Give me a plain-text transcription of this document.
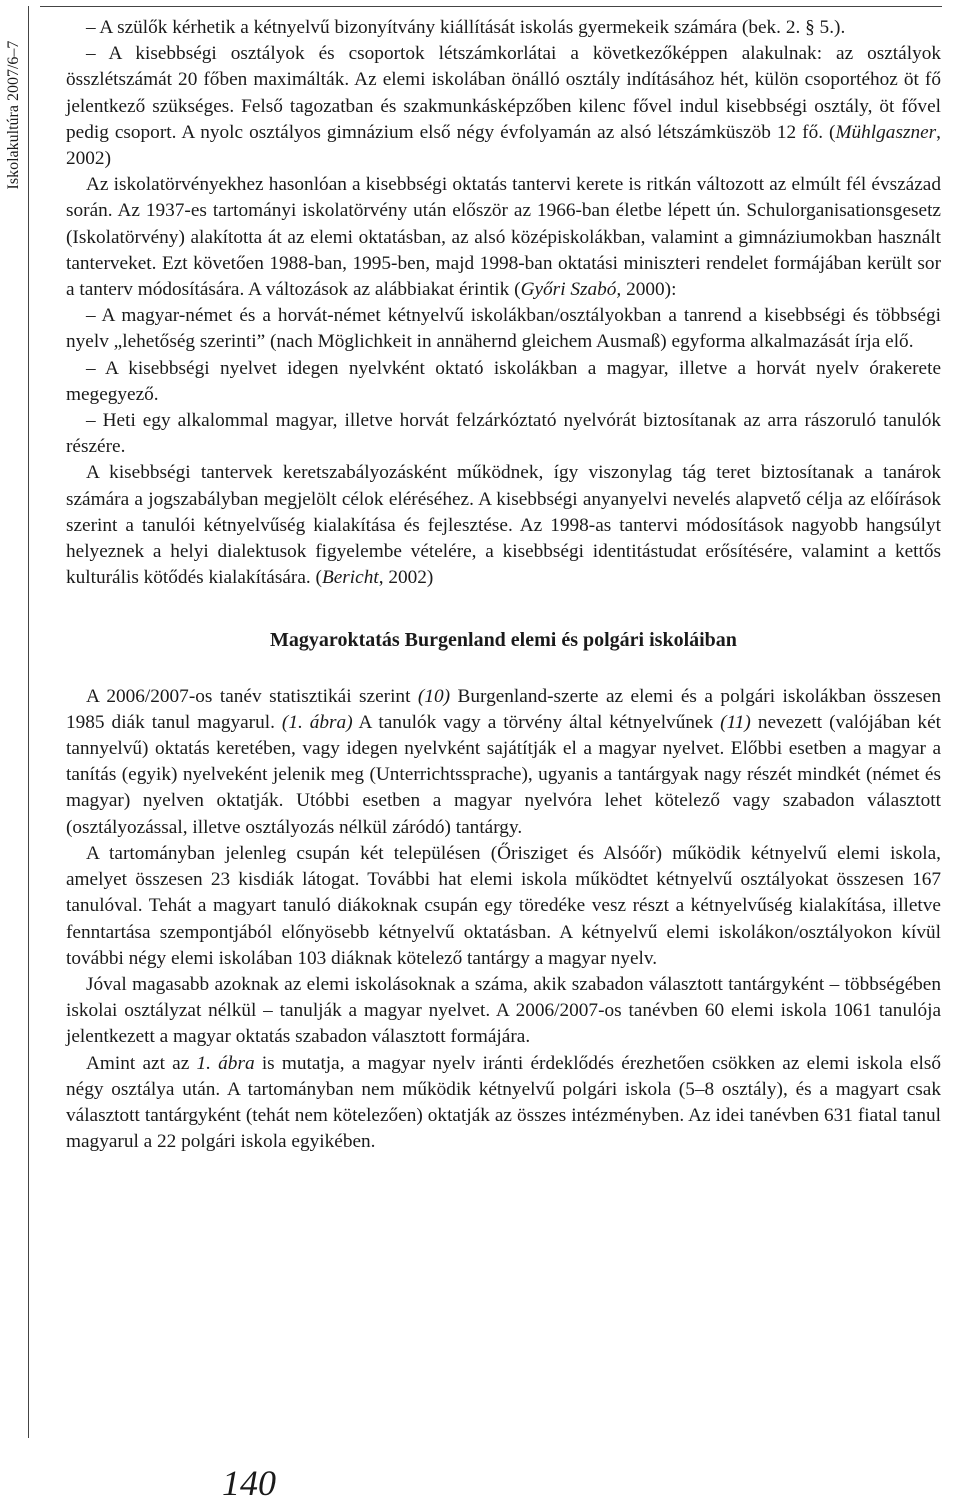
Iskolakultúra 2007/6–7

– A szülők kérhetik a kétnyelvű bizonyítvány kiállítását iskolás gyermekeik számára (bek. 2. § 5.).

– A kisebbségi osztályok és csoportok létszámkorlátai a következőképpen alakulnak: az osztályok összlétszámát 20 főben maximálták. Az elemi iskolában önálló osztály indításához hét, külön csoportéhoz öt fő jelentkező szükséges. Felső tagozatban és szakmunkásképzőben kilenc fővel indul kisebbségi osztály, öt fővel pedig csoport. A nyolc osztályos gimnázium első négy évfolyamán az alsó létszámküszöb 12 fő. (Mühlgaszner, 2002)

Az iskolatörvényekhez hasonlóan a kisebbségi oktatás tantervi kerete is ritkán változott az elmúlt fél évszázad során. Az 1937-es tartományi iskolatörvény után először az 1966-ban életbe lépett ún. Schulorganisationsgesetz (Iskolatörvény) alakította át az elemi oktatásban, az alsó középiskolákban, valamint a gimnáziumokban használt tanterveket. Ezt követően 1988-ban, 1995-ben, majd 1998-ban oktatási miniszteri rendelet formájában került sor a tanterv módosítására. A változások az alábbiakat érintik (Győri Szabó, 2000):

– A magyar-német és a horvát-német kétnyelvű iskolákban/osztályokban a tanrend a kisebbségi és többségi nyelv „lehetőség szerinti” (nach Möglichkeit in annähernd gleichem Ausmaß) egyforma alkalmazását írja elő.

– A kisebbségi nyelvet idegen nyelvként oktató iskolákban a magyar, illetve a horvát nyelv órakerete megegyező.

– Heti egy alkalommal magyar, illetve horvát felzárkóztató nyelvórát biztosítanak az arra rászoruló tanulók részére.

A kisebbségi tantervek keretszabályozásként működnek, így viszonylag tág teret biztosítanak a tanárok számára a jogszabályban megjelölt célok eléréséhez. A kisebbségi anyanyelvi nevelés alapvető célja az előírások szerint a tanulói kétnyelvűség kialakítása és fejlesztése. Az 1998-as tantervi módosítások nagyobb hangsúlyt helyeznek a helyi dialektusok figyelembe vételére, a kisebbségi identitástudat erősítésére, valamint a kettős kulturális kötődés kialakítására. (Bericht, 2002)

Magyaroktatás Burgenland elemi és polgári iskoláiban

A 2006/2007-os tanév statisztikái szerint (10) Burgenland-szerte az elemi és a polgári iskolákban összesen 1985 diák tanul magyarul. (1. ábra) A tanulók vagy a törvény által kétnyelvűnek (11) nevezett (valójában két tannyelvű) oktatás keretében, vagy idegen nyelvként sajátítják el a magyar nyelvet. Előbbi esetben a magyar a tanítás (egyik) nyelveként jelenik meg (Unterrichtssprache), ugyanis a tantárgyak nagy részét mindkét (német és magyar) nyelven oktatják. Utóbbi esetben a magyar nyelvóra lehet kötelező vagy szabadon választott (osztályozással, illetve osztályozás nélkül záródó) tantárgy.

A tartományban jelenleg csupán két településen (Őrisziget és Alsóőr) működik kétnyelvű elemi iskola, amelyet összesen 23 kisdiák látogat. További hat elemi iskola működtet kétnyelvű osztályokat összesen 167 tanulóval. Tehát a magyart tanuló diákoknak csupán egy töredéke vesz részt a kétnyelvűség kialakítása, illetve fenntartása szempontjából előnyösebb kétnyelvű oktatásban. A kétnyelvű elemi iskolákon/osztályokon kívül további négy elemi iskolában 103 diáknak kötelező tantárgy a magyar nyelv.

Jóval magasabb azoknak az elemi iskolásoknak a száma, akik szabadon választott tantárgyként – többségében iskolai osztályzat nélkül – tanulják a magyar nyelvet. A 2006/2007-os tanévben 60 elemi iskola 1061 tanulója jelentkezett a magyar oktatás szabadon választott formájára.

Amint azt az 1. ábra is mutatja, a magyar nyelv iránti érdeklődés érezhetően csökken az elemi iskola első négy osztálya után. A tartományban nem működik kétnyelvű polgári iskola (5–8 osztály), és a magyart csak választott tantárgyként (tehát nem kötelezően) oktatják az összes intézményben. Az idei tanévben 631 fiatal tanul magyarul a 22 polgári iskola egyikében.

140
